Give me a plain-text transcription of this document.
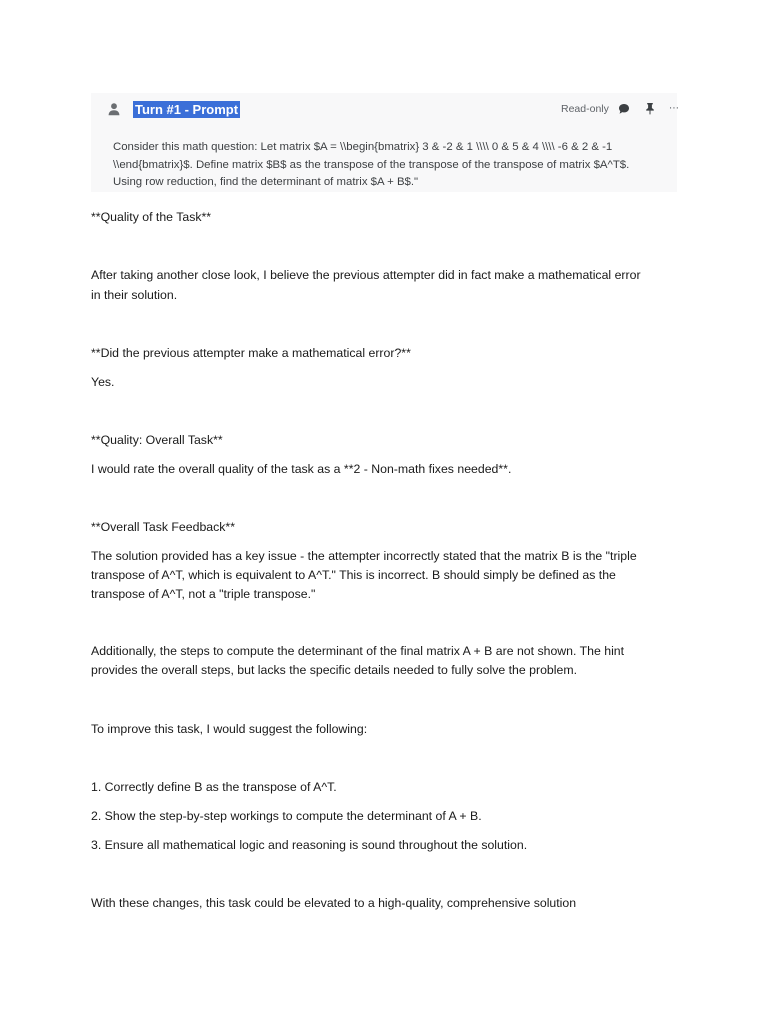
Turn #1 - Prompt	Read-only	⋯
Consider this math question: Let matrix $A = \\begin{bmatrix} 3 & -2 & 1 \\\\ 0 & 5 & 4 \\\\ -6 & 2 & -1
\\end{bmatrix}$. Define matrix $B$ as the transpose of the transpose of the transpose of matrix $A^T$.
Using row reduction, find the determinant of matrix $A + B$."
**Quality of the Task**
After taking another close look, I believe the previous attempter did in fact make a mathematical error
in their solution.
**Did the previous attempter make a mathematical error?**
Yes.
**Quality: Overall Task**
I would rate the overall quality of the task as a **2 - Non-math fixes needed**.
**Overall Task Feedback**
The solution provided has a key issue - the attempter incorrectly stated that the matrix B is the "triple
transpose of A^T, which is equivalent to A^T." This is incorrect. B should simply be defined as the
transpose of A^T, not a "triple transpose."
Additionally, the steps to compute the determinant of the final matrix A + B are not shown. The hint
provides the overall steps, but lacks the specific details needed to fully solve the problem.
To improve this task, I would suggest the following:
1. Correctly define B as the transpose of A^T.
2. Show the step-by-step workings to compute the determinant of A + B.
3. Ensure all mathematical logic and reasoning is sound throughout the solution.
With these changes, this task could be elevated to a high-quality, comprehensive solution
